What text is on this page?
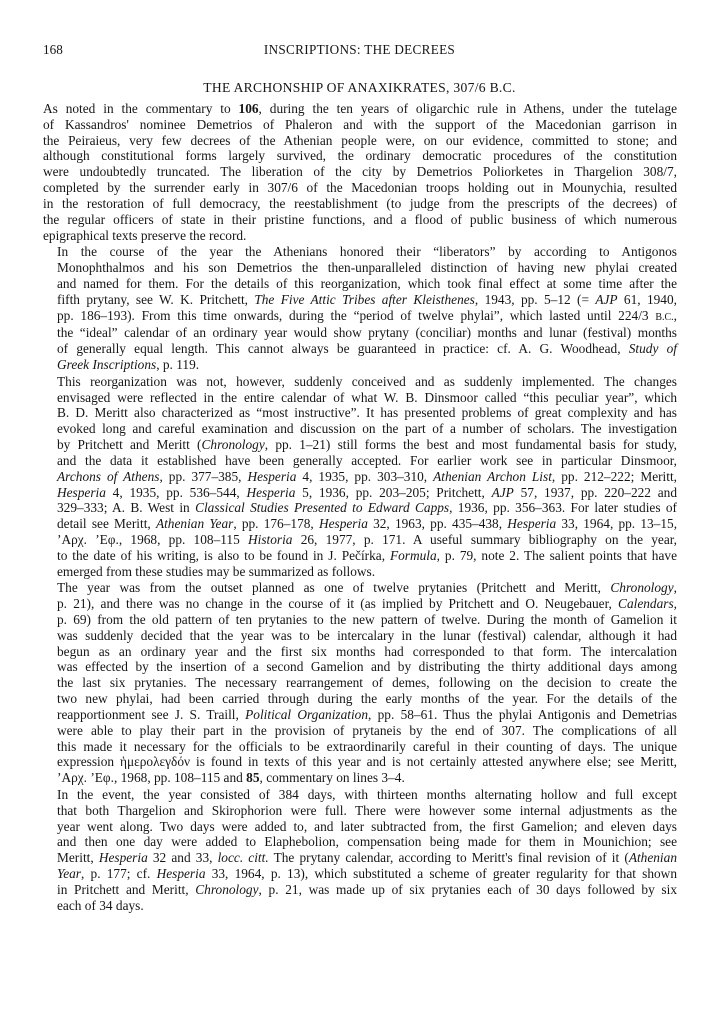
168	INSCRIPTIONS: THE DECREES
THE ARCHONSHIP OF ANAXIKRATES, 307/6 B.C.

As noted in the commentary to 106, during the ten years of oligarchic rule in Athens, under the tutelage
of Kassandros' nominee Demetrios of Phaleron and with the support of the Macedonian garrison in
the Peiraieus, very few decrees of the Athenian people were, on our evidence, committed to stone; and
although constitutional forms largely survived, the ordinary democratic procedures of the constitution
were undoubtedly truncated. The liberation of the city by Demetrios Poliorketes in Thargelion 308/7,
completed by the surrender early in 307/6 of the Macedonian troops holding out in Mounychia, resulted
in the restoration of full democracy, the reestablishment (to judge from the prescripts of the decrees) of
the regular officers of state in their pristine functions, and a flood of public business of which numerous
epigraphical texts preserve the record.

In the course of the year the Athenians honored their “liberators” by according to Antigonos
Monophthalmos and his son Demetrios the then-unparalleled distinction of having new phylai created
and named for them. For the details of this reorganization, which took final effect at some time after the
fifth prytany, see W. K. Pritchett, The Five Attic Tribes after Kleisthenes, 1943, pp. 5–12 (= AJP 61, 1940,
pp. 186–193). From this time onwards, during the “period of twelve phylai”, which lasted until 224/3 B.C.,
the “ideal” calendar of an ordinary year would show prytany (conciliar) months and lunar (festival) months
of generally equal length. This cannot always be guaranteed in practice: cf. A. G. Woodhead, Study of
Greek Inscriptions, p. 119.

This reorganization was not, however, suddenly conceived and as suddenly implemented. The changes
envisaged were reflected in the entire calendar of what W. B. Dinsmoor called “this peculiar year”, which
B. D. Meritt also characterized as “most instructive”. It has presented problems of great complexity and has
evoked long and careful examination and discussion on the part of a number of scholars. The investigation
by Pritchett and Meritt (Chronology, pp. 1–21) still forms the best and most fundamental basis for study,
and the data it established have been generally accepted. For earlier work see in particular Dinsmoor,
Archons of Athens, pp. 377–385, Hesperia 4, 1935, pp. 303–310, Athenian Archon List, pp. 212–222; Meritt,
Hesperia 4, 1935, pp. 536–544, Hesperia 5, 1936, pp. 203–205; Pritchett, AJP 57, 1937, pp. 220–222 and
329–333; A. B. West in Classical Studies Presented to Edward Capps, 1936, pp. 356–363. For later studies of
detail see Meritt, Athenian Year, pp. 176–178, Hesperia 32, 1963, pp. 435–438, Hesperia 33, 1964, pp. 13–15,
’Αρχ. ’Εφ., 1968, pp. 108–115 Historia 26, 1977, p. 171. A useful summary bibliography on the year,
to the date of his writing, is also to be found in J. Pečírka, Formula, p. 79, note 2. The salient points that have
emerged from these studies may be summarized as follows.

The year was from the outset planned as one of twelve prytanies (Pritchett and Meritt, Chronology,
p. 21), and there was no change in the course of it (as implied by Pritchett and O. Neugebauer, Calendars,
p. 69) from the old pattern of ten prytanies to the new pattern of twelve. During the month of Gamelion it
was suddenly decided that the year was to be intercalary in the lunar (festival) calendar, although it had
begun as an ordinary year and the first six months had corresponded to that form. The intercalation
was effected by the insertion of a second Gamelion and by distributing the thirty additional days among
the last six prytanies. The necessary rearrangement of demes, following on the decision to create the
two new phylai, had been carried through during the early months of the year. For the details of the
reapportionment see J. S. Traill, Political Organization, pp. 58–61. Thus the phylai Antigonis and Demetrias
were able to play their part in the provision of prytaneis by the end of 307. The complications of all
this made it necessary for the officials to be extraordinarily careful in their counting of days. The unique
expression ἡμερολεγδόν is found in texts of this year and is not certainly attested anywhere else; see Meritt,
’Αρχ. ’Εφ., 1968, pp. 108–115 and 85, commentary on lines 3–4.

In the event, the year consisted of 384 days, with thirteen months alternating hollow and full except
that both Thargelion and Skirophorion were full. There were however some internal adjustments as the
year went along. Two days were added to, and later subtracted from, the first Gamelion; and eleven days
and then one day were added to Elaphebolion, compensation being made for them in Mounichion; see
Meritt, Hesperia 32 and 33, locc. citt. The prytany calendar, according to Meritt's final revision of it (Athenian
Year, p. 177; cf. Hesperia 33, 1964, p. 13), which substituted a scheme of greater regularity for that shown
in Pritchett and Meritt, Chronology, p. 21, was made up of six prytanies each of 30 days followed by six
each of 34 days.
